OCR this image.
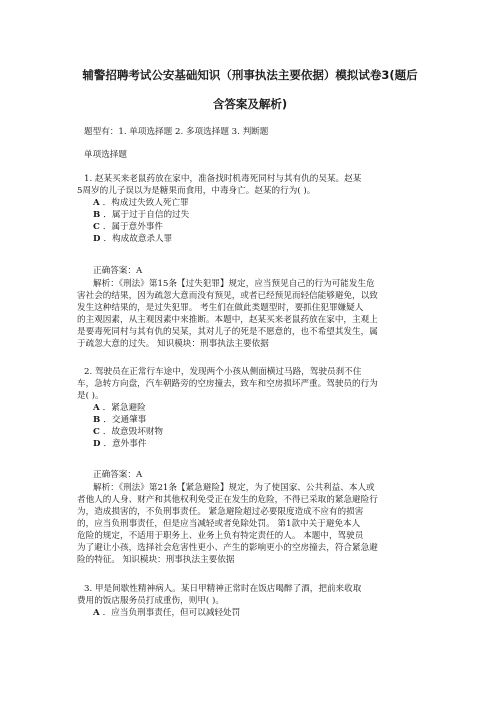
辅警招聘考试公安基础知识（刑事执法主要依据）模拟试卷3(题后
含答案及解析)
题型有：1. 单项选择题 2. 多项选择题 3. 判断题
单项选择题
1. 赵某买来老鼠药放在家中，准备找时机毒死同村与其有仇的吴某。赵某
5周岁的儿子误以为是糖果而食用，中毒身亡。赵某的行为( )。
A ．构成过失致人死亡罪
B ．属于过于自信的过失
C ．属于意外事件
D ．构成故意杀人罪
正确答案：A
解析：《刑法》第15条【过失犯罪】规定，应当预见自己的行为可能发生危
害社会的结果，因为疏忽大意而没有预见，或者已经预见而轻信能够避免，以致
发生这种结果的，是过失犯罪。 考生们在做此类题型时，要抓住犯罪嫌疑人
的主观因素，从主观因素中来推断。本题中，赵某买来老鼠药放在家中，主观上
是要毒死同村与其有仇的吴某，其对儿子的死是不愿意的，也不希望其发生，属
于疏忽大意的过失。 知识模块：刑事执法主要依据
2. 驾驶员在正常行车途中，发现两个小孩从侧面横过马路，驾驶员刹不住
车，急转方向盘，汽车朝路旁的空房撞去，致车和空房损坏严重。驾驶员的行为
是( )。
A ．紧急避险
B ．交通肇事
C ．故意毁坏财物
D ．意外事件
正确答案：A
解析：《刑法》第21条【紧急避险】规定，为了使国家、公共利益、本人或
者他人的人身、财产和其他权利免受正在发生的危险，不得已采取的紧急避险行
为，造成损害的，不负刑事责任。 紧急避险超过必要限度造成不应有的损害
的，应当负刑事责任，但是应当减轻或者免除处罚。 第1款中关于避免本人
危险的规定，不适用于职务上、业务上负有特定责任的人。 本题中，驾驶员
为了避让小孩，选择社会危害性更小、产生的影响更小的空房撞去，符合紧急避
险的特征。 知识模块：刑事执法主要依据
3. 甲是间歇性精神病人。某日甲精神正常时在饭店喝醉了酒，把前来收取
费用的饭店服务员打成重伤，则甲( )。
A ．应当负刑事责任，但可以减轻处罚
